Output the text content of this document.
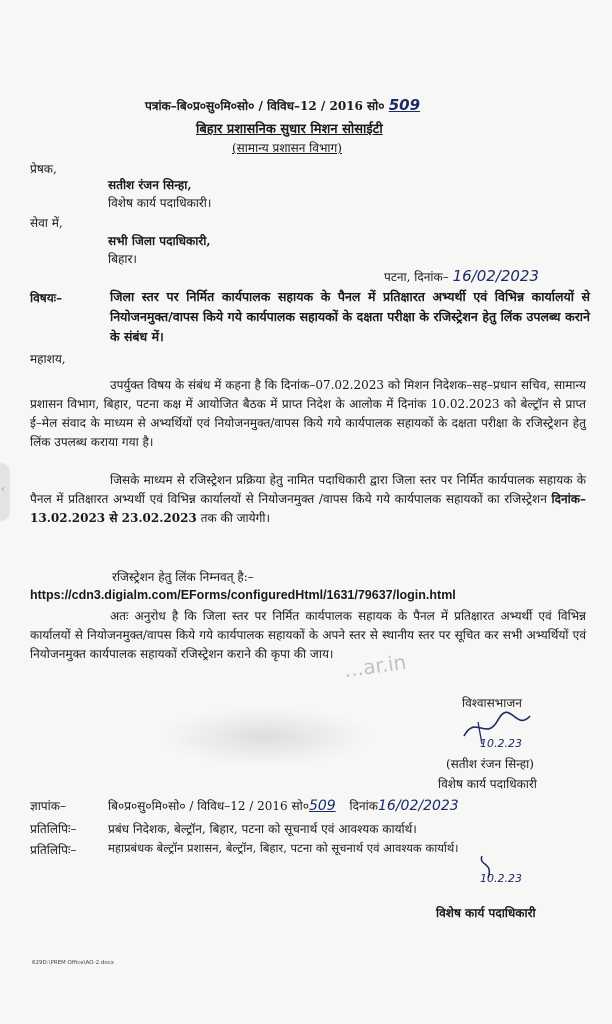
‹
पत्रांक–बि०प्र०सु०मि०सो० / विविध–12 / 2016 सो० 509
बिहार प्रशासनिक सुधार मिशन सोसाईटी
(सामान्य प्रशासन विभाग)
प्रेषक,
सतीश रंजन सिन्हा,
विशेष कार्य पदाधिकारी।
सेवा में,
सभी जिला पदाधिकारी,
बिहार।
पटना, दिनांक– 16/02/2023
विषयः–	जिला स्तर पर निर्मित कार्यपालक सहायक के पैनल में प्रतिक्षारत अभ्यर्थी एवं विभिन्न कार्यालयों से नियोजनमुक्त/वापस किये गये कार्यपालक सहायकों के दक्षता परीक्षा के रजिस्ट्रेशन हेतु लिंक उपलब्ध कराने के संबंध में।
महाशय,
उपर्युक्त विषय के संबंध में कहना है कि दिनांक–07.02.2023 को मिशन निदेशक–सह–प्रधान सचिव, सामान्य प्रशासन विभाग, बिहार, पटना कक्ष में आयोजित बैठक में प्राप्त निदेश के आलोक में दिनांक 10.02.2023 को बेल्ट्रॉन से प्राप्त ई–मेल संवाद के माध्यम से अभ्यर्थियों एवं नियोजनमुक्त/वापस किये गये कार्यपालक सहायकों के दक्षता परीक्षा के रजिस्ट्रेशन हेतु लिंक उपलब्ध कराया गया है।
जिसके माध्यम से रजिस्ट्रेशन प्रक्रिया हेतु नामित पदाधिकारी द्वारा जिला स्तर पर निर्मित कार्यपालक सहायक के पैनल में प्रतिक्षारत अभ्यर्थी एवं विभिन्न कार्यालयों से नियोजनमुक्त /वापस किये गये कार्यपालक सहायकों का रजिस्ट्रेशन दिनांक–13.02.2023 से 23.02.2023 तक की जायेगी।
रजिस्ट्रेशन हेतु लिंक निम्नवत् है:–
https://cdn3.digialm.com/EForms/configuredHtml/1631/79637/login.html
अतः अनुरोध है कि जिला स्तर पर निर्मित कार्यपालक सहायक के पैनल में प्रतिक्षारत अभ्यर्थी एवं विभिन्न कार्यालयों से नियोजनमुक्त/वापस किये गये कार्यपालक सहायकों के अपने स्तर से स्थानीय स्तर पर सूचित कर सभी अभ्यर्थियों एवं नियोजनमुक्त कार्यपालक सहायकों रजिस्ट्रेशन कराने की कृपा की जाय। ...ar.in
विश्वासभाजन
10.2.23
(सतीश रंजन सिन्हा)
विशेष कार्य पदाधिकारी
ज्ञापांक–	बि०प्र०सु०मि०सो० / विविध–12 / 2016 सो०509 दिनांक16/02/2023
प्रतिलिपिः–	प्रबंध निदेशक, बेल्ट्रॉन, बिहार, पटना को सूचनार्थ एवं आवश्यक कार्यार्थ।
प्रतिलिपिः–	महाप्रबंधक बेल्ट्रॉन प्रशासन, बेल्ट्रॉन, बिहार, पटना को सूचनार्थ एवं आवश्यक कार्यार्थ।
10.2.23
विशेष कार्य पदाधिकारी
629D:\PREM Office\AO-2.docx
